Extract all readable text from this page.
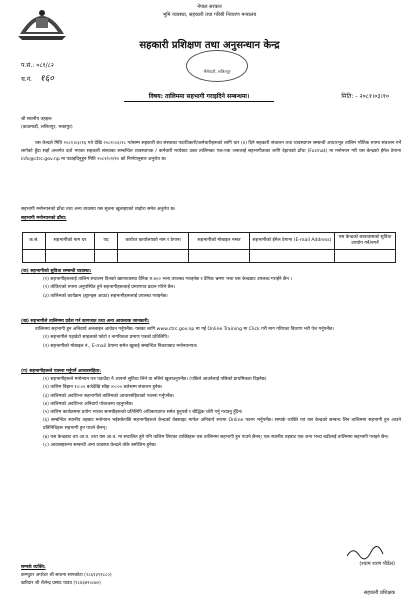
नेपाल सरकार
भूमि व्यवस्था, सहकारी तथा गरिबी निवारण मन्त्रालय
सहकारी प्रशिक्षण तथा अनुसन्धान केन्द्र
भैंसेपाटी, ललितपुर
प.सं.: ०८१/८२
च.नं. १६०
विषय: तालिममा सहभागी गराइदिने सम्बन्धमा।	मिति: - २०८१।०३।१०
श्री स्थानीय तहहरू
(काठमाडौं, ललितपुर, भक्तपुर)
यस केन्द्रले मिति २०८१।०३।१६ गते देखि २०८१।०३।१८ गतेसम्म सहकारी बंध संस्थाका पदाधिकारी/कर्मचारीहरूको लागि चार (४) दिने सहकारी संचालन तथा व्यवस्थापन सम्बन्धी आधारभूत तालिम भौतिक रुपमा संचालन गर्ने लागेको हुँदा सहाँ अन्तर्गत दर्ता भएका सहकारी संस्थाका सम्बन्धित व्यवस्थापक / कर्मचारी मध्येबाट उक्त तालिमका एक-एक जनालाई सहभागीताका लागि देहायको ढाँचा (Format) मा मनोनयन गरी यस केन्द्रको ईमेल ठेगाना info@ctrc.gov.np मा पठाइदिनुहुन मिति २०८१/०२/१० को निर्णयानुसार अनुरोध छ।
सहभागी मनोनयनको ढाँचा तथा अन्य व्यवस्था यस सूचना खुलाइएको व्यहोरा समेत अनुरोध छ।
सहभागी मनोनयनको ढाँचा:
क.सं.	सहभागीको नाम थर	पद	कार्यरत कार्यालयको नाम र ठेगाना	सहभागीको मोबाइल नम्बर	सहभागीको ईमेल ठेगाना (E-mail Address)	यस केन्द्रको छात्रावासको सुविधा उपयोग गर्ने/नगर्ने

(क) सहभागीको सुविधा सम्बन्धी व्यवस्था:
(१) सहभागीहरूलाई तालिम संचालन दिनको खानायवस्था दैनिक रु.४०० भत्ता उपलब्ध गराइनेछ र दैनिक भ्रमण भत्ता यस केन्द्रबाट उपलब्ध गराईने छैन ।
(२) तोकिएको रुपमा अनुपस्थित हुने सहभागीहरूलाई प्रमाणपत्र प्रदान गरिने छैन।
(३) तालिमको कार्यक्रम (ह्यान्ड्स आउट) सहभागीहरूलाई उपलब्ध गराइनेछ।
(ख) सहभागीले तालिममा प्रवेश गर्न कागजात तथा अन्य आवश्यक जानकारी:
तालिममा सहभागी हुन अनिवार्य अनलाइन आवेदन गर्नुपर्नेछ। यसका लागि www.ctrc.gov.np मा गई Online Training मा Click गरी माग गरिएका विवरण भरी पेश गर्नुपर्नेछ।
(१) सहभागीले पहाडेटो साइजको फोटो र नागरिकता प्रमाण पत्रको प्रतिलिपि।
(२) सहभागीको मोबाइल नं., E-mail ठेगाना समेत खुलाई सम्बन्धित निकायबाट मनोनयनपत्र।
(ग) सहभागीहरूले पालना गर्नुपर्ने आचारसंहिता:
(१) सहभागीहरूले मनोनयन पत्र पठाउँदा नै आफ्नो सुविधा लिने वा नलिने खुलाउनुपर्नेछ। (पछिले आउनेलाई पछिको प्राथमिकता दिइनेछ)
(२) तालिम बिहान १०:०० बजेदेखि साँझ ०५:०० बजेसम्म संचालन हुनेछ।
(३) तालिमको अवधिभर सहभागीले तालिमको आचारसंहिताको पालना गर्नुपर्नेछ।
(४) तालिमको अवधिभर अनिवार्य पोशाकमा रहनुपर्नेछ।
(५) तालिम कार्यक्रममा प्रयोग भएका सामग्रीहरूको प्रतिलिपि अधिकारप्राप्त समेत हुनुपर्छ र बौद्धिक चोरी गर्नु गराउनु हुँदैन।
(६) सम्बन्धित स्थानीय तहबाट मनोनयन भईसकेपछि सहभागीहरूले केन्द्रको वेबसाइट मार्फत अनिवार्य रूपमा Online फारम भर्नुपर्नेछ। सम्पर्क व्यक्ति एवं यस केन्द्रको सम्बन्ध लिन तालिममा सहभागी हुन आउने प्रतिनिधिहरू सहभागी हुन पाउने छैनन्।
(७) यस केन्द्रबाट तय आ.व. तथा यस आ.व. मा संचालित हुने पनि तालिम लिएका व्यक्तिहरू यस तालिममा सहभागी हुन पाउने छैनन्। एक स्थानीय तहबाट एक जना भन्दा बढीलाई तालिममा सहभागी गराइने छैन।
(८) आवासहरूमा सम्बन्धी अन्य व्यवस्था केन्द्रले तोके बमोजिम हुनेछ।
(श्याम शरण पौडेल)
सहकारी प्रशिक्षक
सम्पर्क व्यक्ति:
कम्प्युटर अपरेटर श्री साधना सापकोटा (९८६१३९१८८०)
खरिदार श्री शैलेन्द्र प्रसाद यादव (९८४३४२०८७०)
